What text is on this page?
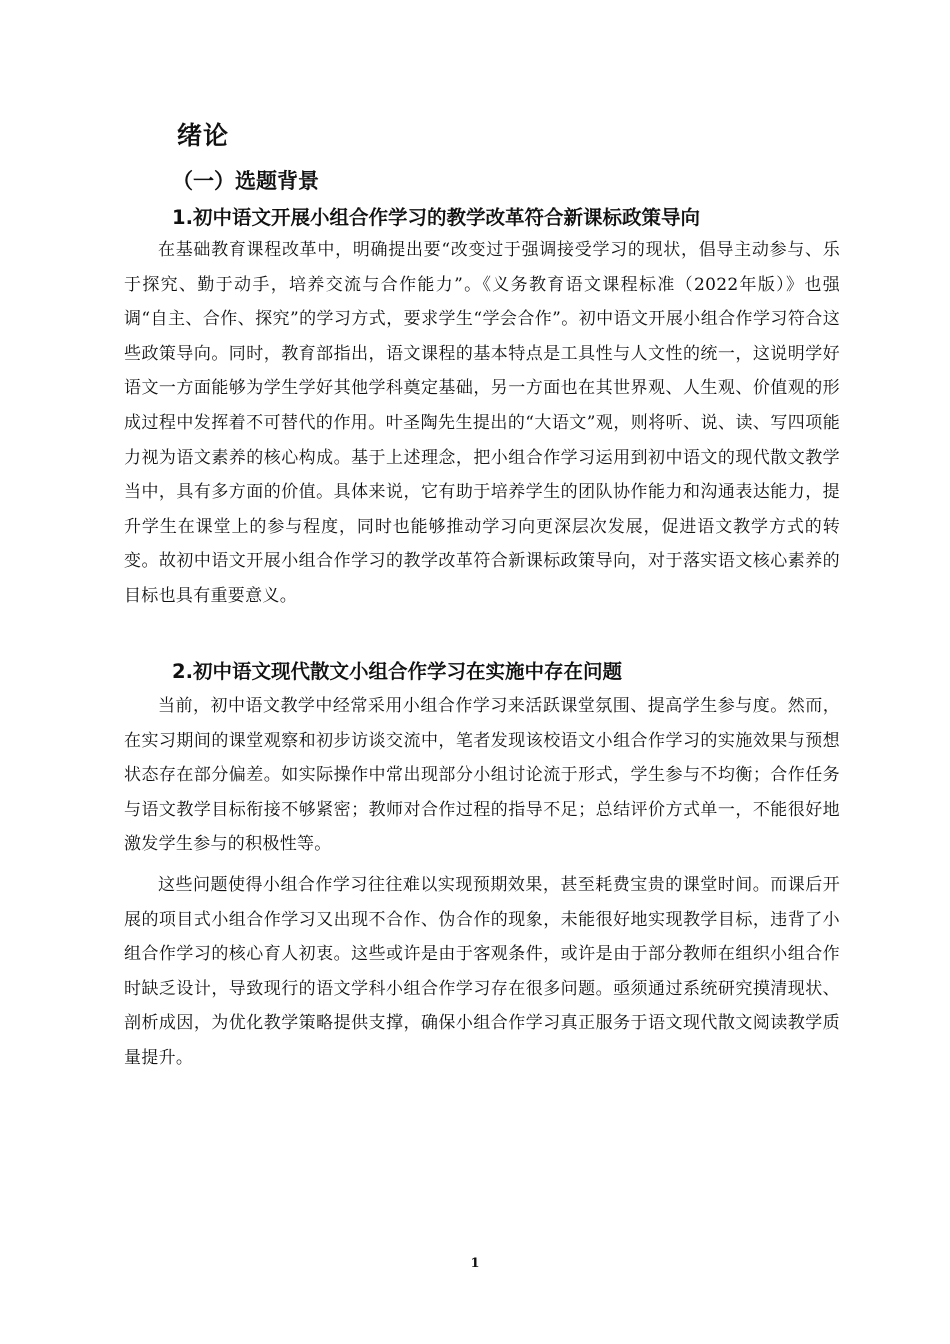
绪论
（一）选题背景
1.初中语文开展小组合作学习的教学改革符合新课标政策导向

在基础教育课程改革中，明确提出要“改变过于强调接受学习的现状，倡导主动参与、乐于探究、勤于动手，培养交流与合作能力”。《义务教育语文课程标准（2022年版）》也强调“自主、合作、探究”的学习方式，要求学生“学会合作”。初中语文开展小组合作学习符合这些政策导向。同时，教育部指出，语文课程的基本特点是工具性与人文性的统一，这说明学好语文一方面能够为学生学好其他学科奠定基础，另一方面也在其世界观、人生观、价值观的形成过程中发挥着不可替代的作用。叶圣陶先生提出的“大语文”观，则将听、说、读、写四项能力视为语文素养的核心构成。基于上述理念，把小组合作学习运用到初中语文的现代散文教学当中，具有多方面的价值。具体来说，它有助于培养学生的团队协作能力和沟通表达能力，提升学生在课堂上的参与程度，同时也能够推动学习向更深层次发展，促进语文教学方式的转变。故初中语文开展小组合作学习的教学改革符合新课标政策导向，对于落实语文核心素养的目标也具有重要意义。

2.初中语文现代散文小组合作学习在实施中存在问题

当前，初中语文教学中经常采用小组合作学习来活跃课堂氛围、提高学生参与度。然而，在实习期间的课堂观察和初步访谈交流中，笔者发现该校语文小组合作学习的实施效果与预想状态存在部分偏差。如实际操作中常出现部分小组讨论流于形式，学生参与不均衡；合作任务与语文教学目标衔接不够紧密；教师对合作过程的指导不足；总结评价方式单一，不能很好地激发学生参与的积极性等。

这些问题使得小组合作学习往往难以实现预期效果，甚至耗费宝贵的课堂时间。而课后开展的项目式小组合作学习又出现不合作、伪合作的现象，未能很好地实现教学目标，违背了小组合作学习的核心育人初衷。这些或许是由于客观条件，或许是由于部分教师在组织小组合作时缺乏设计，导致现行的语文学科小组合作学习存在很多问题。亟须通过系统研究摸清现状、剖析成因，为优化教学策略提供支撑，确保小组合作学习真正服务于语文现代散文阅读教学质量提升。

1
